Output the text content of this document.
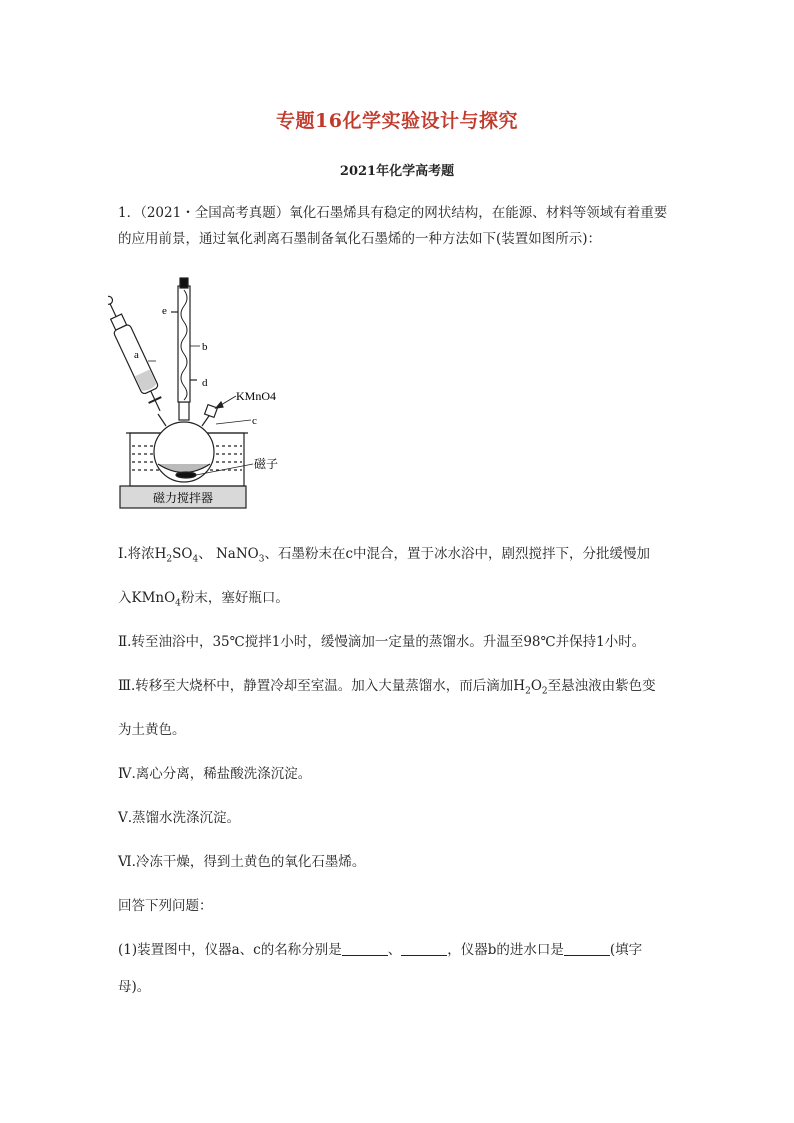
专题16化学实验设计与探究
2021年化学高考题
1．（2021・全国高考真题）氧化石墨烯具有稳定的网状结构，在能源、材料等领域有着重要
的应用前景，通过氧化剥离石墨制备氧化石墨烯的一种方法如下(装置如图所示)：
e
b
a
d
KMnO4
c
磁子
磁力搅拌器
Ⅰ.将浓$H_2SO_4$、 NaNO$_3$、石墨粉末在c中混合，置于冰水浴中，剧烈搅拌下，分批缓慢加
入KMnO$_4$粉末，塞好瓶口。
Ⅱ.转至油浴中，35℃搅拌1小时，缓慢滴加一定量的蒸馏水。升温至98℃并保持1小时。
Ⅲ.转移至大烧杯中，静置冷却至室温。加入大量蒸馏水，而后滴加$H_2O_2$至悬浊液由紫色变
为土黄色。
Ⅳ.离心分离，稀盐酸洗涤沉淀。
Ⅴ.蒸馏水洗涤沉淀。
Ⅵ.冷冻干燥，得到土黄色的氧化石墨烯。
回答下列问题：
(1)装置图中，仪器a、c的名称分别是	、	，仪器b的进水口是	(填字
母)。
